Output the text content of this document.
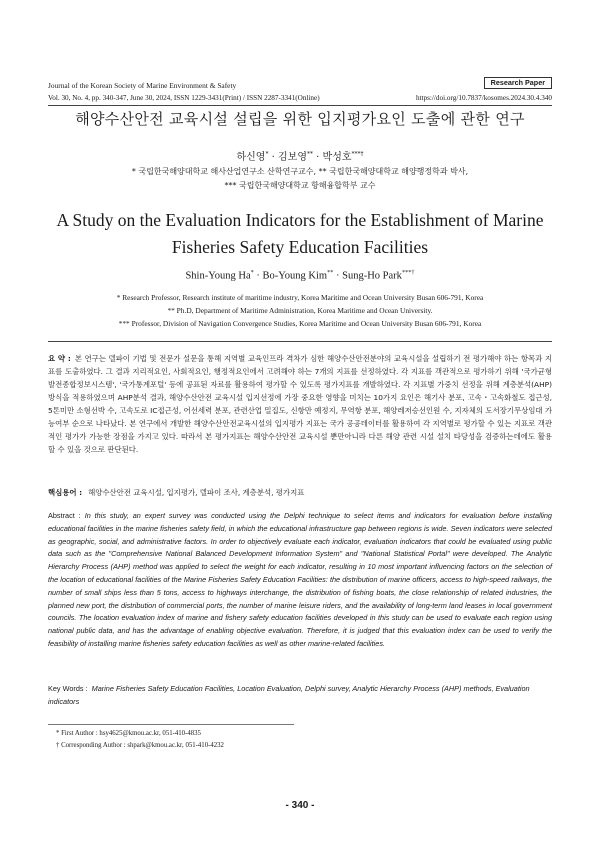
Journal of the Korean Society of Marine Environment & Safety	Research Paper
Vol. 30, No. 4, pp. 340-347, June 30, 2024, ISSN 1229-3431(Print) / ISSN 2287-3341(Online)	https://doi.org/10.7837/kosomes.2024.30.4.340
해양수산안전 교육시설 설립을 위한 입지평가요인 도출에 관한 연구
하신영* · 김보영** · 박성호***†
* 국립한국해양대학교 해사산업연구소 산학연구교수, ** 국립한국해양대학교 해양행정학과 박사,
*** 국립한국해양대학교 항해융합학부 교수
A Study on the Evaluation Indicators for the Establishment of Marine
Fisheries Safety Education Facilities
Shin-Young Ha* · Bo-Young Kim** · Sung-Ho Park***†
* Research Professor, Research institute of maritime industry, Korea Maritime and Ocean University Busan 606-791, Korea
** Ph.D, Department of Maritime Administration, Korea Maritime and Ocean University.
*** Professor, Division of Navigation Convergence Studies, Korea Maritime and Ocean University Busan 606-791, Korea
요 약 : 본 연구는 델파이 기법 및 전문가 설문을 통해 지역별 교육인프라 격차가 심한 해양수산안전분야의 교육시설을 설립하기 전 평가해야 하는 항목과 지표를 도출하였다. 그 결과 지리적요인, 사회적요인, 행정적요인에서 고려해야 하는 7개의 지표를 선정하였다. 각 지표를 객관적으로 평가하기 위해 '국가균형발전종합정보시스템', '국가통계포털' 등에 공표된 자료를 활용하여 평가할 수 있도록 평가지표를 개발하였다. 각 지표별 가중치 선정을 위해 계층분석(AHP) 방식을 적용하였으며 AHP분석 결과, 해양수산안전 교육시설 입지선정에 가장 중요한 영향을 미치는 10가지 요인은 해기사 분포, 고속・고속화철도 접근성, 5톤미만 소형선박 수, 고속도로 IC접근성, 어선세력 분포, 관련산업 밀집도, 신항만 예정지, 무역항 분포, 해양레저승선인원 수, 지자체의 도서장기무상임대 가능여부 순으로 나타났다. 본 연구에서 개발한 해양수산안전교육시설의 입지평가 지표는 국가 공공데이터를 활용하여 각 지역별로 평가할 수 있는 지표로 객관적인 평가가 가능한 장점을 가지고 있다. 따라서 본 평가지표는 해양수산안전 교육시설 뿐만아니라 다른 해양 관련 시설 설치 타당성을 검증하는데에도 활용 할 수 있을 것으로 판단된다.
핵심용어 : 해양수산안전 교육시설, 입지평가, 델파이 조사, 계층분석, 평가지표
Abstract : In this study, an expert survey was conducted using the Delphi technique to select items and indicators for evaluation before installing educational facilities in the marine fisheries safety field, in which the educational infrastructure gap between regions is wide. Seven indicators were selected as geographic, social, and administrative factors. In order to objectively evaluate each indicator, evaluation indicators that could be evaluated using public data such as the "Comprehensive National Balanced Development Information System" and "National Statistical Portal" were developed. The Analytic Hierarchy Process (AHP) method was applied to select the weight for each indicator, resulting in 10 most important influencing factors on the selection of the location of educational facilities of the Marine Fisheries Safety Education Facilities: the distribution of marine officers, access to high-speed railways, the number of small ships less than 5 tons, access to highways interchange, the distribution of fishing boats, the close relationship of related industries, the planned new port, the distribution of commercial ports, the number of marine leisure riders, and the availability of long-term land leases in local government councils. The location evaluation index of marine and fishery safety education facilities developed in this study can be used to evaluate each region using national public data, and has the advantage of enabling objective evaluation. Therefore, it is judged that this evaluation index can be used to verify the feasibility of installing marine fisheries safety education facilities as well as other marine-related facilities.
Key Words : Marine Fisheries Safety Education Facilities, Location Evaluation, Delphi survey, Analytic Hierarchy Process (AHP) methods, Evaluation indicators
* First Author : hsy4625@kmou.ac.kr, 051-410-4835
† Corresponding Author : shpark@kmou.ac.kr, 051-410-4232
- 340 -
